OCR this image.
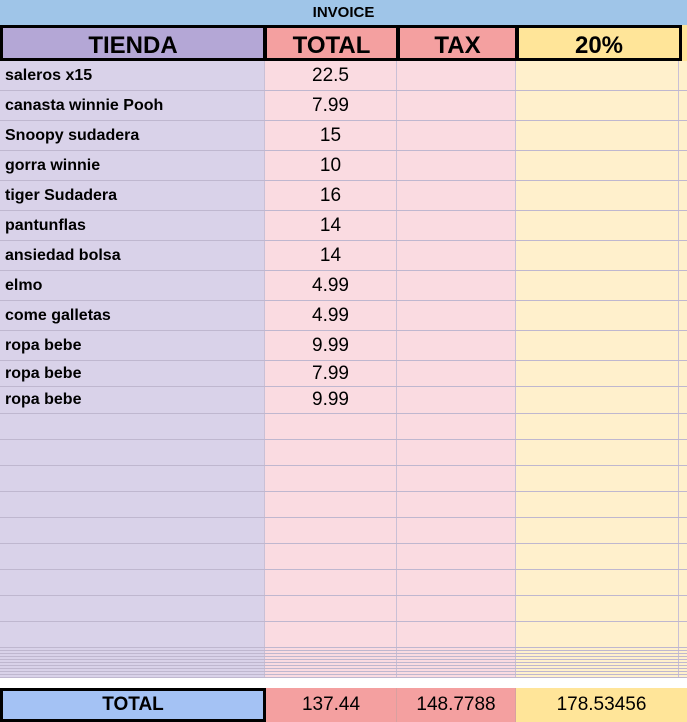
INVOICE
TIENDA	TOTAL	TAX	20%
saleros x15	22.5
canasta winnie Pooh	7.99
Snoopy sudadera	15
gorra winnie	10
tiger Sudadera	16
pantunflas	14
ansiedad bolsa	14
elmo	4.99
come galletas	4.99
ropa bebe	9.99
ropa bebe	7.99
ropa bebe	9.99
TOTAL	137.44	148.7788	178.53456
